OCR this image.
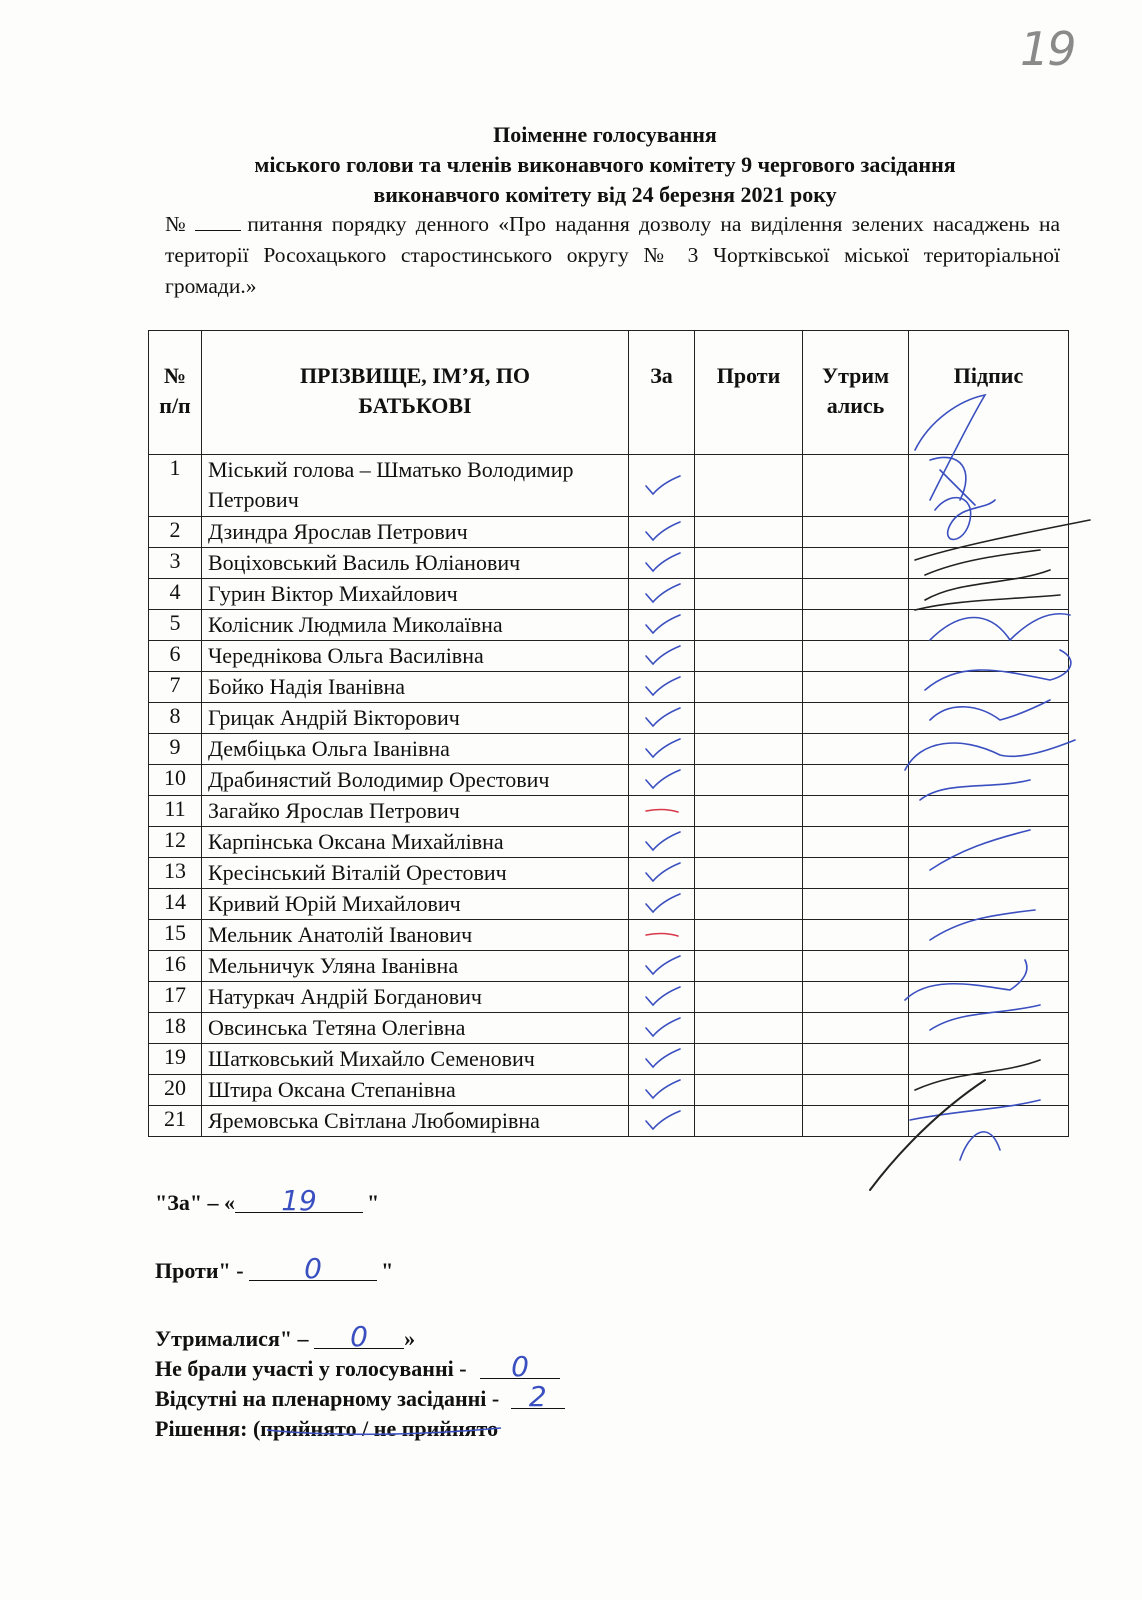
19
Поіменне голосування
міського голови та членів виконавчого комітету 9 чергового засідання
виконавчого комітету від 24 березня 2021 року
№	питання порядку денного «Про надання дозволу на виділення зелених насаджень на території Росохацького старостинського округу № 3 Чортківської міської територіальної громади.»
№ п/п	ПРІЗВИЩЕ, ІМ’Я, ПО БАТЬКОВІ	За	Проти	Утрим ались	Підпис
1	Міський голова – Шматько Володимир Петрович	

2	Дзиндра Ярослав Петрович	

3	Воціховський Василь Юліанович	

4	Гурин Віктор Михайлович	

5	Колісник Людмила Миколаївна	

6	Череднікова Ольга Василівна	

7	Бойко Надія Іванівна	

8	Грицак Андрій Вікторович	

9	Дембіцька Ольга Іванівна	

10	Драбинястий Володимир Орестович	

11	Загайко Ярослав Петрович	

12	Карпінська Оксана Михайлівна	

13	Кресінський Віталій Орестович	

14	Кривий Юрій Михайлович	

15	Мельник Анатолій Іванович	

16	Мельничук Уляна Іванівна	

17	Натуркач Андрій Богданович	

18	Овсинська Тетяна Олегівна	

19	Шатковський Михайло Семенович	

20	Штира Оксана Степанівна	

21	Яремовська Світлана Любомирівна	

"За" – « 19 "
Проти" - 0	"
Утрималися" – 0 »
Не брали участі у голосуванні - 0
Відсутні на пленарному засіданні - 2
Рішення: (прийнято / не прийнято
